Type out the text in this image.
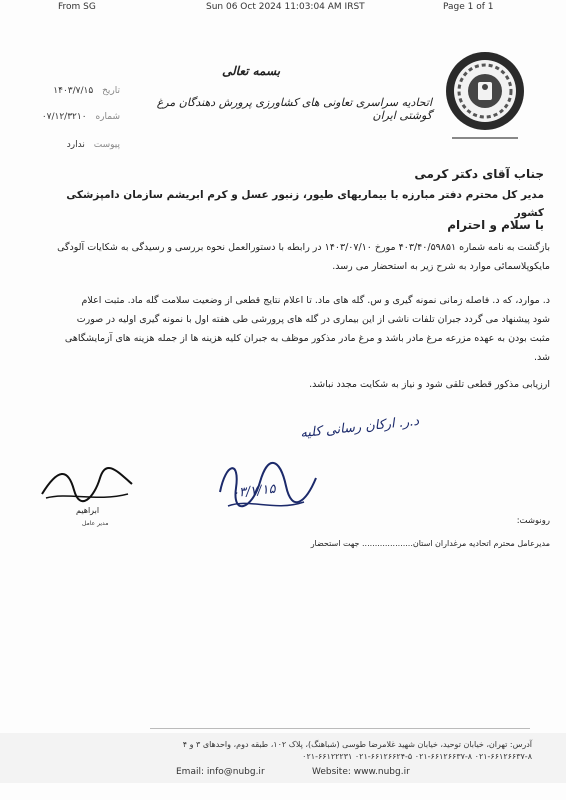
From SG	Sun 06 Oct 2024 11:03:04 AM IRST	Page 1 of 1
بسمه تعالی
اتحادیه سراسری تعاونی های کشاورزی پرورش دهندگان مرغ گوشتی ایران
تاریخ ۱۴۰۳/۷/۱۵
شماره ۰۷/۱۲/۳۲۱۰
پیوست ندارد
جناب آقای دکتر کرمی
مدیر کل محترم دفتر مبارزه با بیماریهای طیور، زنبور عسل و کرم ابریشم سازمان دامپزشکی کشور
با سلام و احترام
بازگشت به نامه شماره ۴۰۳/۴۰/۵۹۸۵۱ مورخ ۱۴۰۳/۰۷/۱۰ در رابطه با دستورالعمل نحوه بررسی و رسیدگی به شکایات آلودگی
مایکوپلاسمائی موارد به شرح زیر به استحضار می رسد.
د. موارد، که د. فاصله زمانی نمونه گیری و س. گله های ماد. تا اعلام نتایج قطعی از وضعیت سلامت گله ماد. مثبت اعلام
شود پیشنهاد می گردد جبران تلفات ناشی از این بیماری در گله های پرورشی طی هفته اول با نمونه گیری اولیه در صورت
مثبت بودن به عهده مزرعه مرغ مادر باشد و مرغ مادر مذکور موظف به جبران کلیه هزینه ها از جمله هزینه های آزمایشگاهی
شد.
ارزیابی مذکور قطعی تلقی شود و نیاز به شکایت مجدد نباشد.
د.ر. ارکان رسانی کلیه
۰۳/۷/۱۵
ابراهیم
مدیر عامل	رونوشت:
مدیرعامل محترم اتحادیه مرغداران استان.................... جهت استحضار
آدرس: تهران، خیابان توحید، خیابان شهید غلامرضا طوسی (شباهنگ)، پلاک ۱۰۲، طبقه دوم، واحدهای ۳ و ۴
۰۲۱-۶۶۱۲۶۶۳۷-۸ ۰۲۱-۶۶۱۲۶۶۳۷-۸ ۰۲۱-۶۶۱۲۶۶۲۴-۵ ۰۲۱-۶۶۱۲۲۲۳۱
Email: info@nubg.ir	Website: www.nubg.ir
